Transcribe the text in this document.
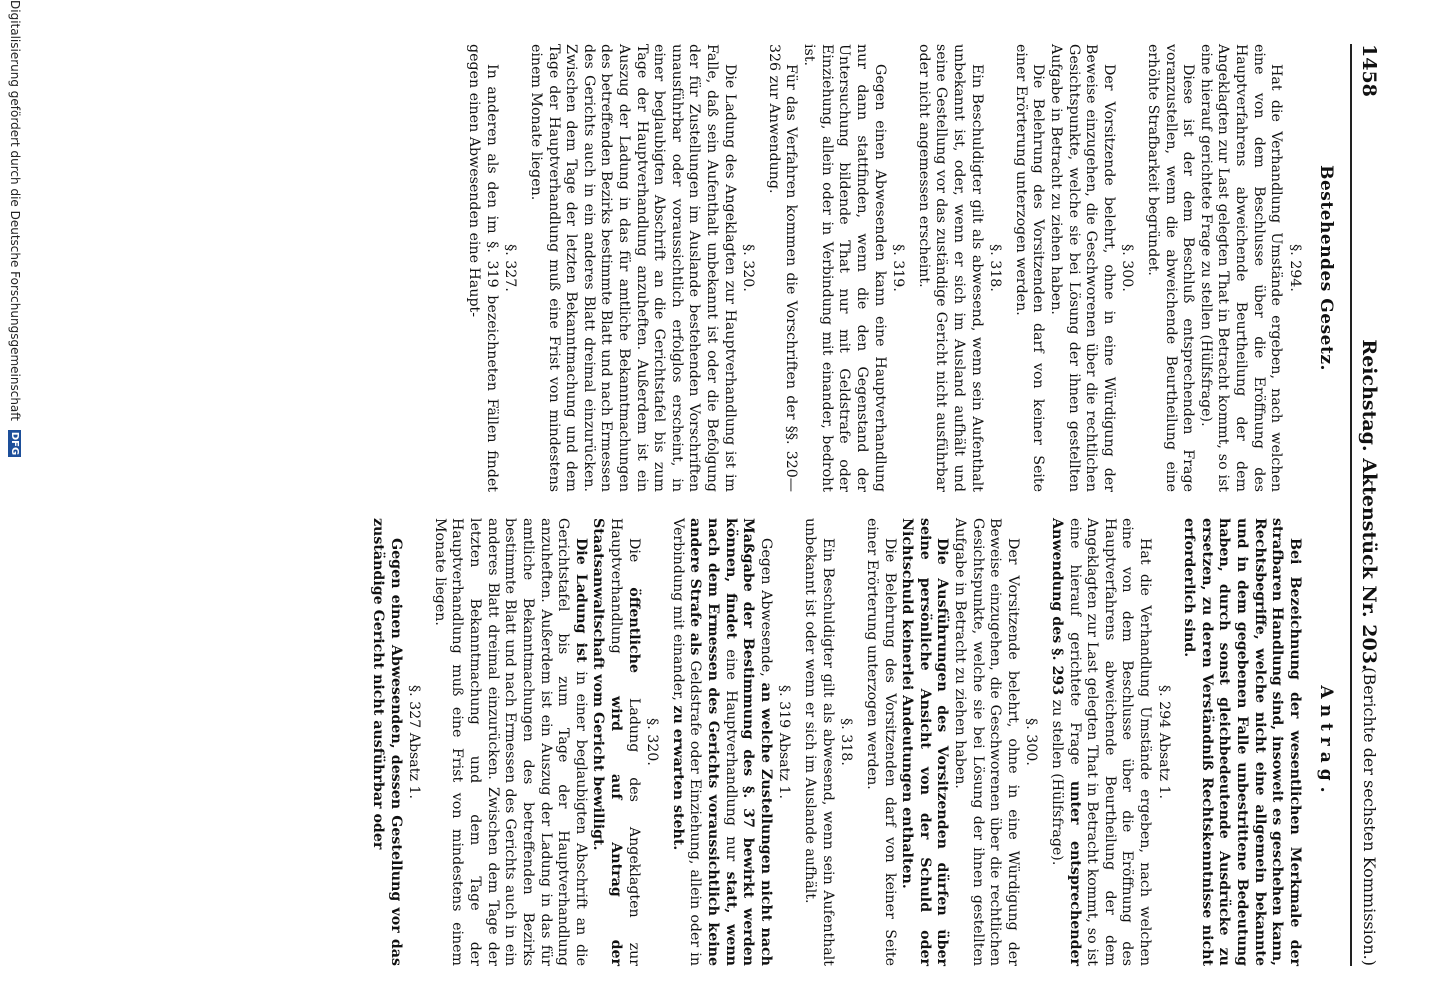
1458
Reichstag. Aktenstück Nr. 203.
(Berichte der sechsten Kommission.)
Bestehendes Gesetz.
§. 294.

Hat die Verhandlung Umstände ergeben, nach welchen eine von dem Beschlusse über die Eröffnung des Hauptverfahrens abweichende Beurtheilung der dem Angeklagten zur Last gelegten That in Betracht kommt, so ist eine hierauf gerichtete Frage zu stellen (Hülfsfrage).

Diese ist der dem Beschluß entsprechenden Frage voranzustellen, wenn die abweichende Beurtheilung eine erhöhte Strafbarkeit begründet.

§. 300.

Der Vorsitzende belehrt, ohne in eine Würdigung der Beweise einzugehen, die Geschworenen über die rechtlichen Gesichtspunkte, welche sie bei Lösung der ihnen gestellten Aufgabe in Betracht zu ziehen haben.

Die Belehrung des Vorsitzenden darf von keiner Seite einer Erörterung unterzogen werden.

§. 318.

Ein Beschuldigter gilt als abwesend, wenn sein Aufenthalt unbekannt ist, oder, wenn er sich im Ausland aufhält und seine Gestellung vor das zuständige Gericht nicht ausführbar oder nicht angemessen erscheint.

§. 319.

Gegen einen Abwesenden kann eine Hauptverhandlung nur dann stattfinden, wenn die den Gegenstand der Untersuchung bildende That nur mit Geldstrafe oder Einziehung, allein oder in Verbindung mit einander, bedroht ist.

Für das Verfahren kommen die Vorschriften der §§. 320—326 zur Anwendung.

§. 320.

Die Ladung des Angeklagten zur Hauptverhandlung ist im Falle, daß sein Aufenthalt unbekannt ist oder die Befolgung der für Zustellungen im Auslande bestehenden Vorschriften unausführbar oder voraussichtlich erfolglos erscheint, in einer beglaubigten Abschrift an die Gerichtstafel bis zum Tage der Hauptverhandlung anzuheften. Außerdem ist ein Auszug der Ladung in das für amtliche Bekanntmachungen des betreffenden Bezirks bestimmte Blatt und nach Ermessen des Gerichts auch in ein anderes Blatt dreimal einzurücken. Zwischen dem Tage der letzten Bekanntmachung und dem Tage der Hauptverhandlung muß eine Frist von mindestens einem Monate liegen.

§. 327.

In anderen als den im §. 319 bezeichneten Fällen findet gegen einen Abwesenden eine Haupt-

Antrag.

Bei Bezeichnung der wesentlichen Merkmale der strafbaren Handlung sind, insoweit es geschehen kann, Rechtsbegriffe, welche nicht eine allgemein bekannte und in dem gegebenen Falle unbestrittene Bedeutung haben, durch sonst gleichbedeutende Ausdrücke zu ersetzen, zu deren Verständniß Rechtskenntnisse nicht erforderlich sind.

§. 294 Absatz 1.

Hat die Verhandlung Umstände ergeben, nach welchen eine von dem Beschlusse über die Eröffnung des Hauptverfahrens abweichende Beurtheilung der dem Angeklagten zur Last gelegten That in Betracht kommt, so ist eine hierauf gerichtete Frage unter entsprechender Anwendung des §. 293 zu stellen (Hülfsfrage).

§. 300.

Der Vorsitzende belehrt, ohne in eine Würdigung der Beweise einzugehen, die Geschworenen über die rechtlichen Gesichtspunkte, welche sie bei Lösung der ihnen gestellten Aufgabe in Betracht zu ziehen haben.

Die Ausführungen des Vorsitzenden dürfen über seine persönliche Ansicht von der Schuld oder Nichtschuld keinerlei Andeutungen enthalten.

Die Belehrung des Vorsitzenden darf von keiner Seite einer Erörterung unterzogen werden.

§. 318.

Ein Beschuldigter gilt als abwesend, wenn sein Aufenthalt unbekannt ist oder wenn er sich im Auslande aufhält.

§. 319 Absatz 1.

Gegen Abwesende, an welche Zustellungen nicht nach Maßgabe der Bestimmung des §. 37 bewirkt werden können, findet eine Hauptverhandlung nur statt, wenn nach dem Ermessen des Gerichts voraussichtlich keine andere Strafe als Geldstrafe oder Einziehung, allein oder in Verbindung mit einander, zu erwarten steht.

§. 320.

Die öffentliche Ladung des Angeklagten zur Hauptverhandlung wird auf Antrag der Staatsanwaltschaft vom Gericht bewilligt.

Die Ladung ist in einer beglaubigten Abschrift an die Gerichtstafel bis zum Tage der Hauptverhandlung anzuheften. Außerdem ist ein Auszug der Ladung in das für amtliche Bekanntmachungen des betreffenden Bezirks bestimmte Blatt und nach Ermessen des Gerichts auch in ein anderes Blatt dreimal einzurücken. Zwischen dem Tage der letzten Bekanntmachung und dem Tage der Hauptverhandlung muß eine Frist von mindestens einem Monate liegen.

§. 327 Absatz 1.

Gegen einen Abwesenden, dessen Gestellung vor das zuständige Gericht nicht ausführbar oder

Digitalisierung gefördert durch die Deutsche Forschungsgemeinschaft DFG
